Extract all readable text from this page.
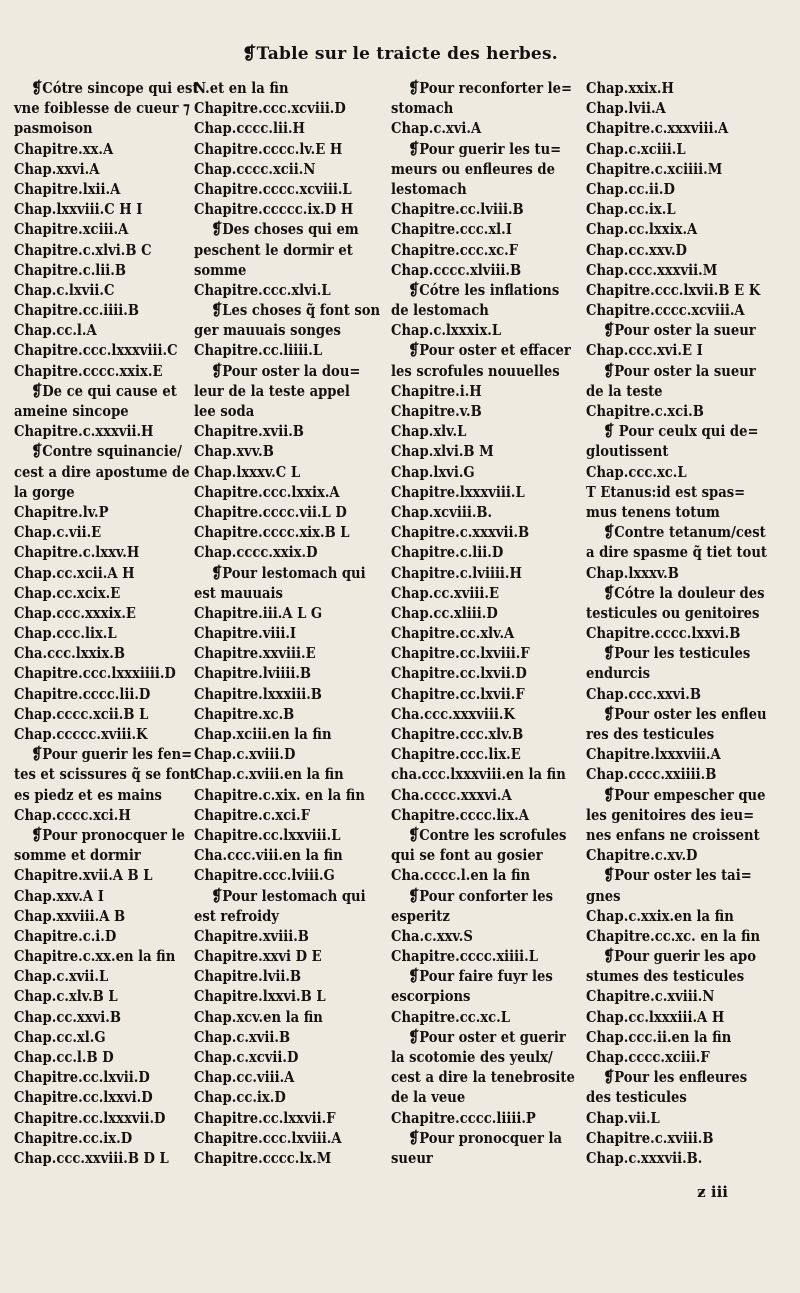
❡Table sur le traicte des herbes.
❡Cótre sincope qui est
vne foiblesse de cueur ⁊
pasmoison
Chapitre.xx.A
Chap.xxvi.A
Chapitre.lxii.A
Chap.lxxviii.C H I
Chapitre.xciii.A
Chapitre.c.xlvi.B C
Chapitre.c.lii.B
Chap.c.lxvii.C
Chapitre.cc.iiii.B
Chap.cc.l.A
Chapitre.ccc.lxxxviii.C
Chapitre.cccc.xxix.E
❡De ce qui cause et
ameine sincope
Chapitre.c.xxxvii.H
❡Contre squinancie/
cest a dire apostume de
la gorge
Chapitre.lv.P
Chap.c.vii.E
Chapitre.c.lxxv.H
Chap.cc.xcii.A H
Chap.cc.xcix.E
Chap.ccc.xxxix.E
Chap.ccc.lix.L
Cha.ccc.lxxix.B
Chapitre.ccc.lxxxiiii.D
Chapitre.cccc.lii.D
Chap.cccc.xcii.B L
Chap.ccccc.xviii.K
❡Pour guerir les fen=
tes et scissures q̃ se font
es piedz et es mains
Chap.cccc.xci.H
❡Pour pronocquer le
somme et dormir
Chapitre.xvii.A B L
Chap.xxv.A I
Chap.xxviii.A B
Chapitre.c.i.D
Chapitre.c.xx.en la fin
Chap.c.xvii.L
Chap.c.xlv.B L
Chap.cc.xxvi.B
Chap.cc.xl.G
Chap.cc.l.B D
Chapitre.cc.lxvii.D
Chapitre.cc.lxxvi.D
Chapitre.cc.lxxxvii.D
Chapitre.cc.ix.D
Chap.ccc.xxviii.B D L
N.et en la fin
Chapitre.ccc.xcviii.D
Chap.cccc.lii.H
Chapitre.cccc.lv.E H
Chap.cccc.xcii.N
Chapitre.cccc.xcviii.L
Chapitre.ccccc.ix.D H
❡Des choses qui em
peschent le dormir et
somme
Chapitre.ccc.xlvi.L
❡Les choses q̃ font son
ger mauuais songes
Chapitre.cc.liiii.L
❡Pour oster la dou=
leur de la teste appel
lee soda
Chapitre.xvii.B
Chap.xvv.B
Chap.lxxxv.C L
Chapitre.ccc.lxxix.A
Chapitre.cccc.vii.L D
Chapitre.cccc.xix.B L
Chap.cccc.xxix.D
❡Pour lestomach qui
est mauuais
Chapitre.iii.A L G
Chapitre.viii.I
Chapitre.xxviii.E
Chapitre.lviiii.B
Chapitre.lxxxiii.B
Chapitre.xc.B
Chap.xciii.en la fin
Chap.c.xviii.D
Chap.c.xviii.en la fin
Chapitre.c.xix. en la fin
Chapitre.c.xci.F
Chapitre.cc.lxxviii.L
Cha.ccc.viii.en la fin
Chapitre.ccc.lviii.G
❡Pour lestomach qui
est refroidy
Chapitre.xviii.B
Chapitre.xxvi D E
Chapitre.lvii.B
Chapitre.lxxvi.B L
Chap.xcv.en la fin
Chap.c.xvii.B
Chap.c.xcvii.D
Chap.cc.viii.A
Chap.cc.ix.D
Chapitre.cc.lxxvii.F
Chapitre.ccc.lxviii.A
Chapitre.cccc.lx.M
❡Pour reconforter le=
stomach
Chap.c.xvi.A
❡Pour guerir les tu=
meurs ou enfleures de
lestomach
Chapitre.cc.lviii.B
Chapitre.ccc.xl.I
Chapitre.ccc.xc.F
Chap.cccc.xlviii.B
❡Cótre les inflations
de lestomach
Chap.c.lxxxix.L
❡Pour oster et effacer
les scrofules nouuelles
Chapitre.i.H
Chapitre.v.B
Chap.xlv.L
Chap.xlvi.B M
Chap.lxvi.G
Chapitre.lxxxviii.L
Chap.xcviii.B.
Chapitre.c.xxxvii.B
Chapitre.c.lii.D
Chapitre.c.lviiii.H
Chap.cc.xviii.E
Chap.cc.xliii.D
Chapitre.cc.xlv.A
Chapitre.cc.lxviii.F
Chapitre.cc.lxvii.D
Chapitre.cc.lxvii.F
Cha.ccc.xxxviii.K
Chapitre.ccc.xlv.B
Chapitre.ccc.lix.E
cha.ccc.lxxxviii.en la fin
Cha.cccc.xxxvi.A
Chapitre.cccc.lix.A
❡Contre les scrofules
qui se font au gosier
Cha.cccc.l.en la fin
❡Pour conforter les
esperitz
Cha.c.xxv.S
Chapitre.cccc.xiiii.L
❡Pour faire fuyr les
escorpions
Chapitre.cc.xc.L
❡Pour oster et guerir
la scotomie des yeulx/
cest a dire la tenebrosite
de la veue
Chapitre.cccc.liiii.P
❡Pour pronocquer la
sueur
Chap.xxix.H
Chap.lvii.A
Chapitre.c.xxxviii.A
Chap.c.xciii.L
Chapitre.c.xciiii.M
Chap.cc.ii.D
Chap.cc.ix.L
Chap.cc.lxxix.A
Chap.cc.xxv.D
Chap.ccc.xxxvii.M
Chapitre.ccc.lxvii.B E K
Chapitre.cccc.xcviii.A
❡Pour oster la sueur
Chap.ccc.xvi.E I
❡Pour oster la sueur
de la teste
Chapitre.c.xci.B
❡ Pour ceulx qui de=
gloutissent
Chap.ccc.xc.L
T Etanus:id est spas=
mus tenens totum
❡Contre tetanum/cest
a dire spasme q̃ tiet tout
Chap.lxxxv.B
❡Cótre la douleur des
testicules ou genitoires
Chapitre.cccc.lxxvi.B
❡Pour les testicules
endurcis
Chap.ccc.xxvi.B
❡Pour oster les enfleu
res des testicules
Chapitre.lxxxviii.A
Chap.cccc.xxiiii.B
❡Pour empescher que
les genitoires des ieu=
nes enfans ne croissent
Chapitre.c.xv.D
❡Pour oster les tai=
gnes
Chap.c.xxix.en la fin
Chapitre.cc.xc. en la fin
❡Pour guerir les apo
stumes des testicules
Chapitre.c.xviii.N
Chap.cc.lxxxiii.A H
Chap.ccc.ii.en la fin
Chap.cccc.xciii.F
❡Pour les enfleures
des testicules
Chap.vii.L
Chapitre.c.xviii.B
Chap.c.xxxvii.B.
ƶ iii
